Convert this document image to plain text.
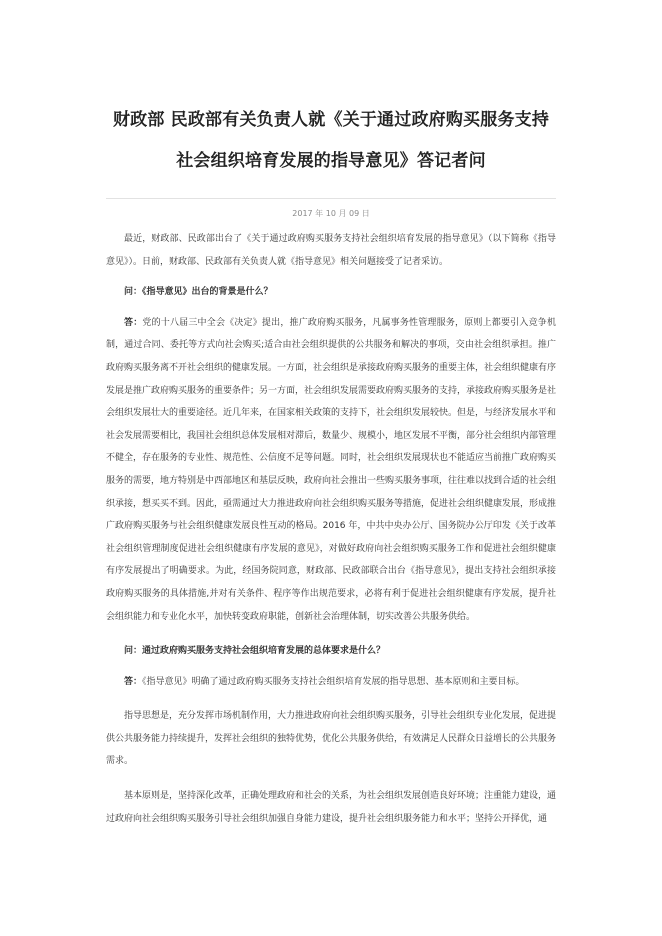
财政部 民政部有关负责人就《关于通过政府购买服务支持社会组织培育发展的指导意见》答记者问
2017 年 10 月 09 日

最近，财政部、民政部出台了《关于通过政府购买服务支持社会组织培育发展的指导意见》（以下简称《指导意见》）。日前，财政部、民政部有关负责人就《指导意见》相关问题接受了记者采访。

问：《指导意见》出台的背景是什么？

答：党的十八届三中全会《决定》提出，推广政府购买服务，凡属事务性管理服务，原则上都要引入竞争机制，通过合同、委托等方式向社会购买;适合由社会组织提供的公共服务和解决的事项，交由社会组织承担。推广政府购买服务离不开社会组织的健康发展。一方面，社会组织是承接政府购买服务的重要主体，社会组织健康有序发展是推广政府购买服务的重要条件；另一方面，社会组织发展需要政府购买服务的支持，承接政府购买服务是社会组织发展壮大的重要途径。近几年来，在国家相关政策的支持下，社会组织发展较快。但是，与经济发展水平和社会发展需要相比，我国社会组织总体发展相对滞后，数量少、规模小，地区发展不平衡，部分社会组织内部管理不健全，存在服务的专业性、规范性、公信度不足等问题。同时，社会组织发展现状也不能适应当前推广政府购买服务的需要，地方特别是中西部地区和基层反映，政府向社会推出一些购买服务事项，往往难以找到合适的社会组织承接，想买买不到。因此，亟需通过大力推进政府向社会组织购买服务等措施，促进社会组织健康发展，形成推广政府购买服务与社会组织健康发展良性互动的格局。2016 年，中共中央办公厅、国务院办公厅印发《关于改革社会组织管理制度促进社会组织健康有序发展的意见》，对做好政府向社会组织购买服务工作和促进社会组织健康有序发展提出了明确要求。为此，经国务院同意，财政部、民政部联合出台《指导意见》，提出支持社会组织承接政府购买服务的具体措施,并对有关条件、程序等作出规范要求，必将有利于促进社会组织健康有序发展，提升社会组织能力和专业化水平，加快转变政府职能，创新社会治理体制，切实改善公共服务供给。

问：通过政府购买服务支持社会组织培育发展的总体要求是什么？

答：《指导意见》明确了通过政府购买服务支持社会组织培育发展的指导思想、基本原则和主要目标。

指导思想是，充分发挥市场机制作用，大力推进政府向社会组织购买服务，引导社会组织专业化发展，促进提供公共服务能力持续提升，发挥社会组织的独特优势，优化公共服务供给，有效满足人民群众日益增长的公共服务需求。

基本原则是，坚持深化改革，正确处理政府和社会的关系，为社会组织发展创造良好环境；注重能力建设，通过政府向社会组织购买服务引导社会组织加强自身能力建设，提升社会组织服务能力和水平；坚持公开择优，通
